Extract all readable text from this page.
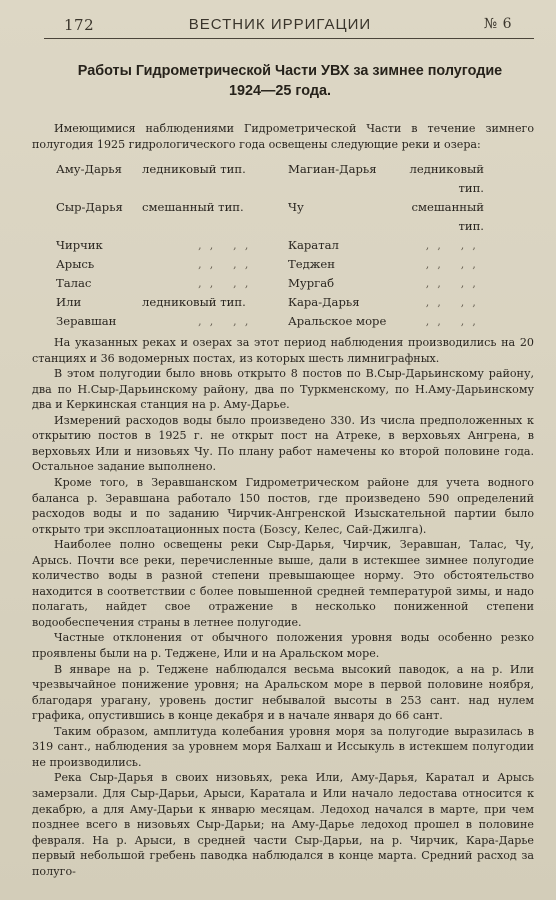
172	ВЕСТНИК ИРРИГАЦИИ	№ 6
Работы Гидрометрической Части УВХ за зимнее полугодие
1924—25 года.

Имеющимися наблюдениями Гидрометрической Части в течение зимнего полугодия 1925 гидрологического года освещены следующие реки и озера:

Аму-Дарья	ледниковый тип.	Магиан-Дарья	ледниковый тип.
Сыр-Дарья	смешанный тип.	Чу	смешанный тип.
Чирчик	,, ,,	Каратал	,, ,,
Арысь	,, ,,	Теджен	,, ,,
Талас	,, ,,	Мургаб	,, ,,
Или	ледниковый тип.	Кара-Дарья	,, ,,
Зеравшан	,, ,,	Аральское море	,, ,,

На указанных реках и озерах за этот период наблюдения производились на 20 станциях и 36 водомерных постах, из которых шесть лимниграфных.

В этом полугодии было вновь открыто 8 постов по В.Сыр-Дарьинскому району, два по Н.Сыр-Дарьинскому району, два по Туркменскому, по Н.Аму-Дарьинскому два и Керкинская станция на р. Аму-Дарье.

Измерений расходов воды было произведено 330. Из числа предположенных к открытию постов в 1925 г. не открыт пост на Атреке, в верховьях Ангрена, в верховьях Или и низовьях Чу. По плану работ намечены ко второй половине года. Остальное задание выполнено.

Кроме того, в Зеравшанском Гидрометрическом районе для учета водного баланса р. Зеравшана работало 150 постов, где произведено 590 определений расходов воды и по заданию Чирчик-Ангренской Изыскательной партии было открыто три эксплоатационных поста (Бозсу, Келес, Сай-Джилга).

Наиболее полно освещены реки Сыр-Дарья, Чирчик, Зеравшан, Талас, Чу, Арысь. Почти все реки, перечисленные выше, дали в истекшее зимнее полугодие количество воды в разной степени превышающее норму. Это обстоятельство находится в соответствии с более повышенной средней температурой зимы, и надо полагать, найдет свое отражение в несколько пониженной степени водообеспечения страны в летнее полугодие.

Частные отклонения от обычного положения уровня воды особенно резко проявлены были на р. Теджене, Или и на Аральском море.

В январе на р. Теджене наблюдался весьма высокий паводок, а на р. Или чрезвычайное понижение уровня; на Аральском море в первой половине ноября, благодаря урагану, уровень достиг небывалой высоты в 253 сант. над нулем графика, опустившись в конце декабря и в начале января до 66 сант.

Таким образом, амплитуда колебания уровня моря за полугодие выразилась в 319 сант., наблюдения за уровнем моря Балхаш и Иссыкуль в истекшем полугодии не производились.

Река Сыр-Дарья в своих низовьях, река Или, Аму-Дарья, Каратал и Арысь замерзали. Для Сыр-Дарьи, Арыси, Каратала и Или начало ледостава относится к декабрю, а для Аму-Дарьи к январю месяцам. Ледоход начался в марте, при чем позднее всего в низовьях Сыр-Дарьи; на Аму-Дарье ледоход прошел в половине февраля. На р. Арыси, в средней части Сыр-Дарьи, на р. Чирчик, Кара-Дарье первый небольшой гребень паводка наблюдался в конце марта. Средний расход за полуго-
